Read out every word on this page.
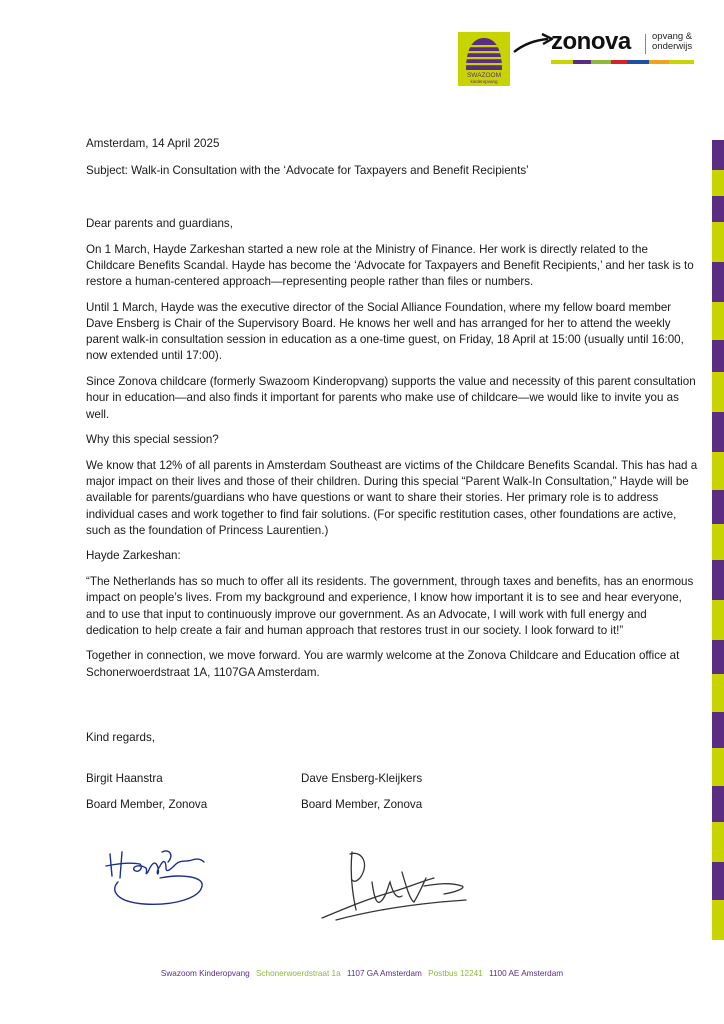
SWAZOOM
kinderopvang
zonova opvang &
onderwijs

Amsterdam, 14 April 2025

Subject: Walk-in Consultation with the ‘Advocate for Taxpayers and Benefit Recipients’

Dear parents and guardians,

On 1 March, Hayde Zarkeshan started a new role at the Ministry of Finance. Her work is directly related to the Childcare Benefits Scandal. Hayde has become the ‘Advocate for Taxpayers and Benefit Recipients,’ and her task is to restore a human-centered approach—representing people rather than files or numbers.

Until 1 March, Hayde was the executive director of the Social Alliance Foundation, where my fellow board member Dave Ensberg is Chair of the Supervisory Board. He knows her well and has arranged for her to attend the weekly parent walk-in consultation session in education as a one-time guest, on Friday, 18 April at 15:00 (usually until 16:00, now extended until 17:00).

Since Zonova childcare (formerly Swazoom Kinderopvang) supports the value and necessity of this parent consultation hour in education—and also finds it important for parents who make use of childcare—we would like to invite you as well.

Why this special session?

We know that 12% of all parents in Amsterdam Southeast are victims of the Childcare Benefits Scandal. This has had a major impact on their lives and those of their children. During this special “Parent Walk-In Consultation,” Hayde will be available for parents/guardians who have questions or want to share their stories. Her primary role is to address individual cases and work together to find fair solutions. (For specific restitution cases, other foundations are active, such as the foundation of Princess Laurentien.)

Hayde Zarkeshan:

“The Netherlands has so much to offer all its residents. The government, through taxes and benefits, has an enormous impact on people’s lives. From my background and experience, I know how important it is to see and hear everyone, and to use that input to continuously improve our government. As an Advocate, I will work with full energy and dedication to help create a fair and human approach that restores trust in our society. I look forward to it!”

Together in connection, we move forward. You are warmly welcome at the Zonova Childcare and Education office at Schonerwoerdstraat 1A, 1107GA Amsterdam.

Kind regards,

Birgit Haanstra	Dave Ensberg-Kleijkers

Board Member, Zonova	Board Member, Zonova

Swazoom Kinderopvang Schonerwoerdstraat 1a 1107 GA Amsterdam Postbus 12241 1100 AE Amsterdam
